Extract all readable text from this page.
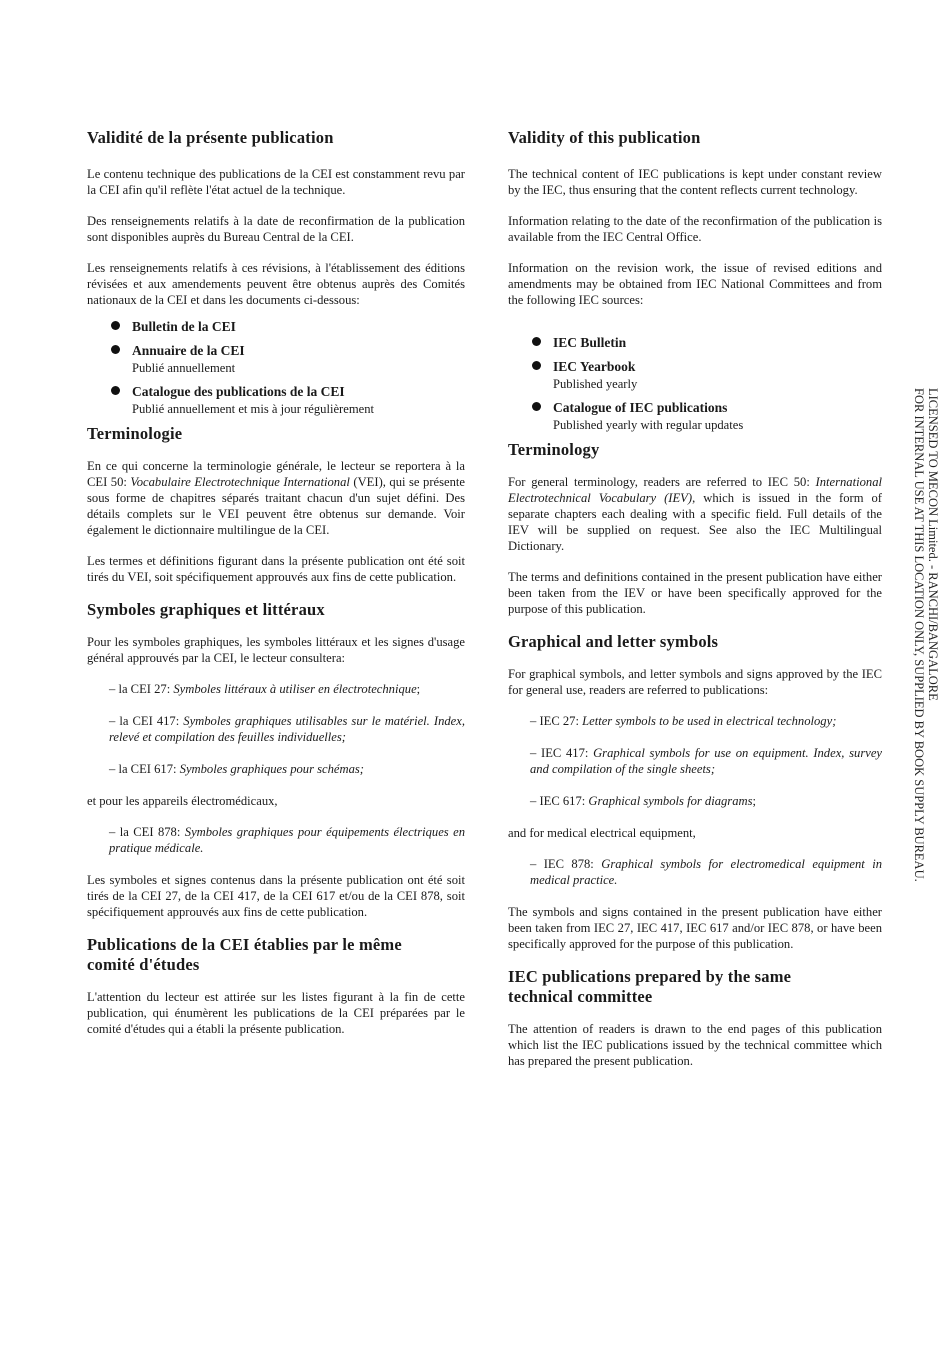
Validité de la présente publication

Le contenu technique des publications de la CEI est constamment revu par la CEI afin qu'il reflète l'état actuel de la technique.

Des renseignements relatifs à la date de reconfirmation de la publication sont disponibles auprès du Bureau Central de la CEI.

Les renseignements relatifs à ces révisions, à l'établissement des éditions révisées et aux amendements peuvent être obtenus auprès des Comités nationaux de la CEI et dans les documents ci-dessous:

Bulletin de la CEI
Annuaire de la CEI
Publié annuellement
Catalogue des publications de la CEI
Publié annuellement et mis à jour régulièrement
Terminologie

En ce qui concerne la terminologie générale, le lecteur se reportera à la CEI 50: Vocabulaire Electrotechnique International (VEI), qui se présente sous forme de chapitres séparés traitant chacun d'un sujet défini. Des détails complets sur le VEI peuvent être obtenus sur demande. Voir également le dictionnaire multilingue de la CEI.

Les termes et définitions figurant dans la présente publication ont été soit tirés du VEI, soit spécifiquement approuvés aux fins de cette publication.

Symboles graphiques et littéraux

Pour les symboles graphiques, les symboles littéraux et les signes d'usage général approuvés par la CEI, le lecteur consultera:

– la CEI 27: Symboles littéraux à utiliser en électrotechnique;
– la CEI 417: Symboles graphiques utilisables sur le matériel. Index, relevé et compilation des feuilles individuelles;
– la CEI 617: Symboles graphiques pour schémas;

et pour les appareils électromédicaux,

– la CEI 878: Symboles graphiques pour équipements électriques en pratique médicale.

Les symboles et signes contenus dans la présente publication ont été soit tirés de la CEI 27, de la CEI 417, de la CEI 617 et/ou de la CEI 878, soit spécifiquement approuvés aux fins de cette publication.

Publications de la CEI établies par le même
comité d'études

L'attention du lecteur est attirée sur les listes figurant à la fin de cette publication, qui énumèrent les publications de la CEI préparées par le comité d'études qui a établi la présente publication.

Validity of this publication

The technical content of IEC publications is kept under constant review by the IEC, thus ensuring that the content reflects current technology.

Information relating to the date of the reconfirmation of the publication is available from the IEC Central Office.

Information on the revision work, the issue of revised editions and amendments may be obtained from IEC National Committees and from the following IEC sources:

IEC Bulletin
IEC Yearbook
Published yearly
Catalogue of IEC publications
Published yearly with regular updates
Terminology

For general terminology, readers are referred to IEC 50: International Electrotechnical Vocabulary (IEV), which is issued in the form of separate chapters each dealing with a specific field. Full details of the IEV will be supplied on request. See also the IEC Multilingual Dictionary.

The terms and definitions contained in the present publication have either been taken from the IEV or have been specifically approved for the purpose of this publication.

Graphical and letter symbols

For graphical symbols, and letter symbols and signs approved by the IEC for general use, readers are referred to publications:

– IEC 27: Letter symbols to be used in electrical technology;
– IEC 417: Graphical symbols for use on equipment. Index, survey and compilation of the single sheets;
– IEC 617: Graphical symbols for diagrams;

and for medical electrical equipment,

– IEC 878: Graphical symbols for electromedical equipment in medical practice.

The symbols and signs contained in the present publication have either been taken from IEC 27, IEC 417, IEC 617 and/or IEC 878, or have been specifically approved for the purpose of this publication.

IEC publications prepared by the same
technical committee

The attention of readers is drawn to the end pages of this publication which list the IEC publications issued by the technical committee which has prepared the present publication.

LICENSED TO MECON Limited. - RANCHI/BANGALORE
FOR INTERNAL USE AT THIS LOCATION ONLY, SUPPLIED BY BOOK SUPPLY BUREAU.
